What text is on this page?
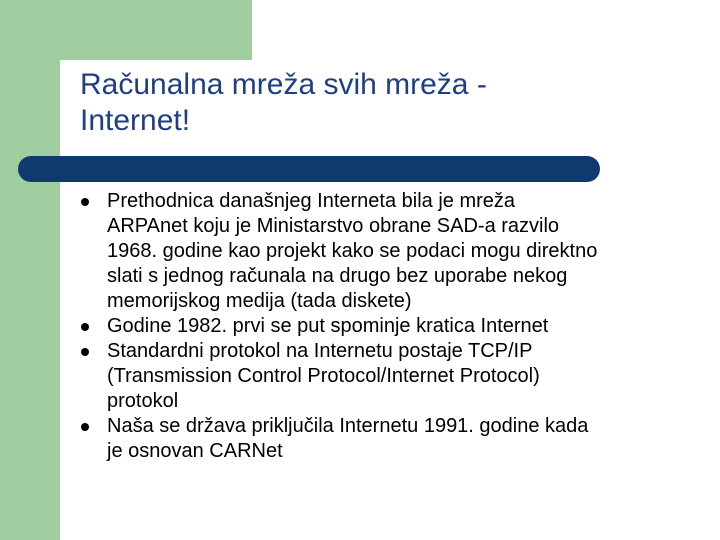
Računalna mreža svih mreža -
Internet!
Prethodnica današnjeg Interneta bila je mreža
ARPAnet koju je Ministarstvo obrane SAD-a razvilo
1968. godine kao projekt kako se podaci mogu direktno
slati s jednog računala na drugo bez uporabe nekog
memorijskog medija (tada diskete)
Godine 1982. prvi se put spominje kratica Internet
Standardni protokol na Internetu postaje TCP/IP
(Transmission Control Protocol/Internet Protocol)
protokol
Naša se država priključila Internetu 1991. godine kada
je osnovan CARNet
